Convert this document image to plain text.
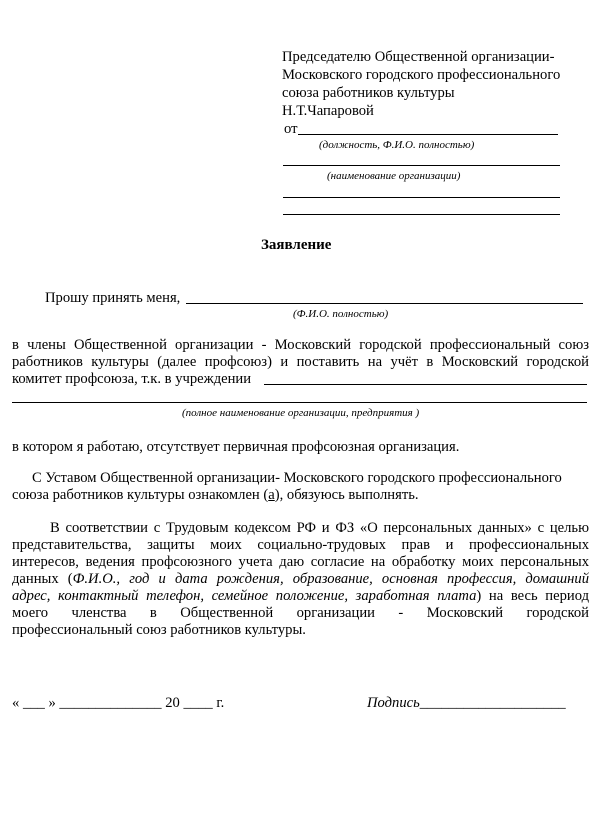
Председателю Общественной организации-
Московского городского профессионального
союза работников культуры
Н.Т.Чапаровой
от
(должность, Ф.И.О. полностью)
(наименование организации)
Заявление
Прошу принять меня,
(Ф.И.О. полностью)
в члены Общественной организации - Московский городской профессиональный союз
работников культуры (далее профсоюз) и поставить на учёт в Московский городской
комитет профсоюза, т.к. в учреждении
(полное наименование организации, предприятия )
в котором я работаю, отсутствует первичная профсоюзная организация.
С Уставом Общественной организации- Московского городского профессионального
союза работников культуры ознакомлен (а), обязуюсь выполнять.
В соответствии с Трудовым кодексом РФ и ФЗ «О персональных данных» с целью
представительства, защиты моих социально-трудовых прав и профессиональных
интересов, ведения профсоюзного учета даю согласие на обработку моих персональных
данных (Ф.И.О., год и дата рождения, образование, основная профессия, домашний
адрес, контактный телефон, семейное положение, заработная плата) на весь период
моего членства в Общественной организации - Московский городской
профессиональный союз работников культуры.
« ___ » ______________ 20 ____ г.	Подпись____________________
